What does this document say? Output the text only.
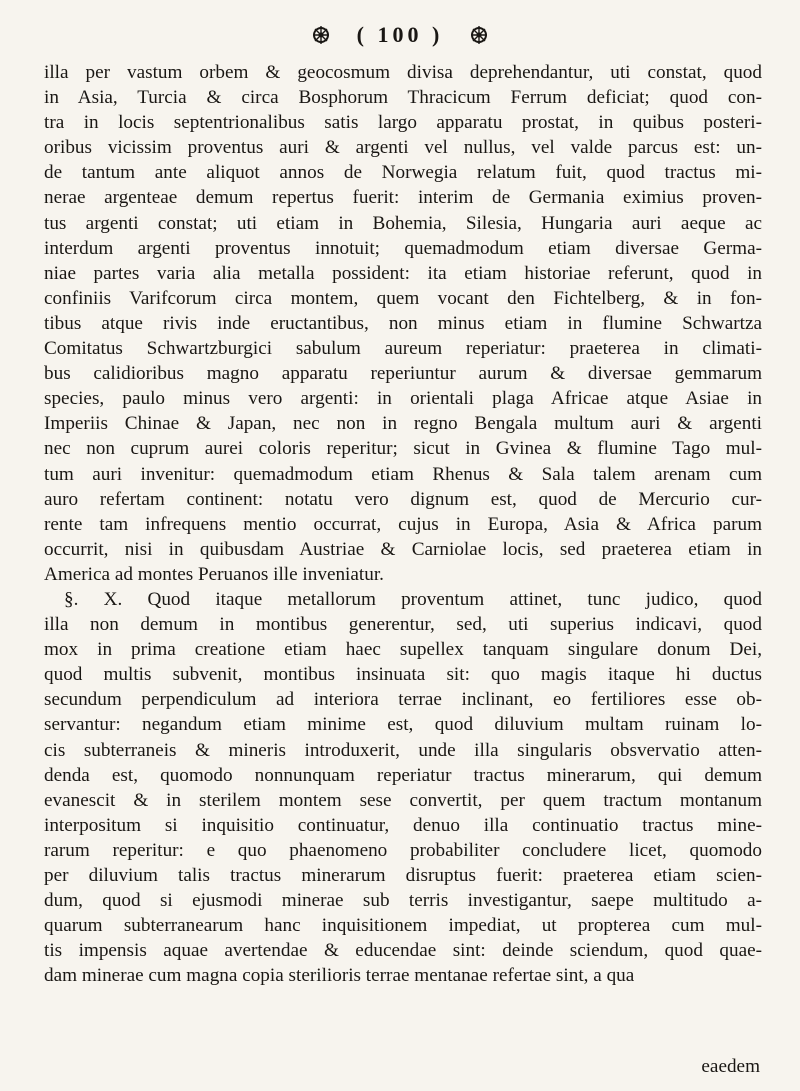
( 100 )
illa per vastum orbem & geocosmum divisa deprehendantur, uti constat, quod
in Asia, Turcia & circa Bosphorum Thracicum Ferrum deficiat; quod con-
tra in locis septentrionalibus satis largo apparatu prostat, in quibus posteri-
oribus vicissim proventus auri & argenti vel nullus, vel valde parcus est: un-
de tantum ante aliquot annos de Norwegia relatum fuit, quod tractus mi-
nerae argenteae demum repertus fuerit: interim de Germania eximius proven-
tus argenti constat; uti etiam in Bohemia, Silesia, Hungaria auri aeque ac
interdum argenti proventus innotuit; quemadmodum etiam diversae Germa-
niae partes varia alia metalla possident: ita etiam historiae referunt, quod in
confiniis Varifcorum circa montem, quem vocant den Fichtelberg, & in fon-
tibus atque rivis inde eructantibus, non minus etiam in flumine Schwartza
Comitatus Schwartzburgici sabulum aureum reperiatur: praeterea in climati-
bus calidioribus magno apparatu reperiuntur aurum & diversae gemmarum
species, paulo minus vero argenti: in orientali plaga Africae atque Asiae in
Imperiis Chinae & Japan, nec non in regno Bengala multum auri & argenti
nec non cuprum aurei coloris reperitur; sicut in Gvinea & flumine Tago mul-
tum auri invenitur: quemadmodum etiam Rhenus & Sala talem arenam cum
auro refertam continent: notatu vero dignum est, quod de Mercurio cur-
rente tam infrequens mentio occurrat, cujus in Europa, Asia & Africa parum
occurrit, nisi in quibusdam Austriae & Carniolae locis, sed praeterea etiam in
America ad montes Peruanos ille inveniatur.
§. X. Quod itaque metallorum proventum attinet, tunc judico, quod
illa non demum in montibus generentur, sed, uti superius indicavi, quod
mox in prima creatione etiam haec supellex tanquam singulare donum Dei,
quod multis subvenit, montibus insinuata sit: quo magis itaque hi ductus
secundum perpendiculum ad interiora terrae inclinant, eo fertiliores esse ob-
servantur: negandum etiam minime est, quod diluvium multam ruinam lo-
cis subterraneis & mineris introduxerit, unde illa singularis obsvervatio atten-
denda est, quomodo nonnunquam reperiatur tractus minerarum, qui demum
evanescit & in sterilem montem sese convertit, per quem tractum montanum
interpositum si inquisitio continuatur, denuo illa continuatio tractus mine-
rarum reperitur: e quo phaenomeno probabiliter concludere licet, quomodo
per diluvium talis tractus minerarum disruptus fuerit: praeterea etiam scien-
dum, quod si ejusmodi minerae sub terris investigantur, saepe multitudo a-
quarum subterranearum hanc inquisitionem impediat, ut propterea cum mul-
tis impensis aquae avertendae & educendae sint: deinde sciendum, quod quae-
dam minerae cum magna copia sterilioris terrae mentanae refertae sint, a qua
eaedem
